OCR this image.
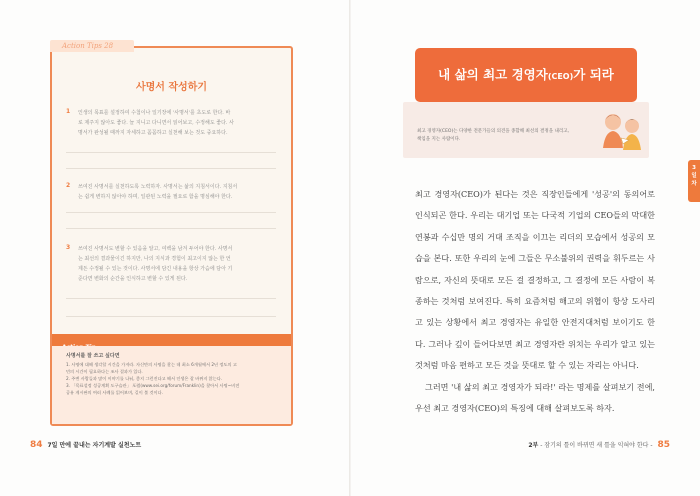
Action Tips 28
사명서 작성하기
1 인생의 목표를 설정하여 수첩이나 일기장에 '사명서'를 초도로 한다. 바
로 제주지 않아도 좋다. 늘 지니고 다니면서 읽어보고, 수정해도 좋다. 사
명서가 완성될 때까지 자세하고 꼼꼼하고 실천해 보는 것도 중요하다.
2 쓰여진 사명서를 실천하도록 노력하자. 사명서는 삶의 지침서이다. 지침서
는 쉽게 변하지 않아야 하며, 일관된 노력을 필요로 함을 명심해야 한다.
3 쓰여진 사명서도 변할 수 있음을 알고, 여백을 남겨 두어야 한다. 사명서
는 최선의 결과물이긴 하지만, 나의 지식과 경험이 최고이지 않는 한 언
제든 수정될 수 있는 것이다. 사명서에 담긴 내용을 항상 가슴에 담아 기
준다면 변화의 순간을 인식하고 변할 수 있게 된다.
사명서를 잘 쓰고 싶다면
1. 사명에 대해 생각할 시간을 가져라. 자신만의 사명을 찾는 데 최소 6개월에서 2년 정도의 고
민의 시간이 필요하다는 조사 결과가 있다.
2. 주변 사람들과 많이 이야기를 나눠, 좋지 그런진다고 해서 인생은 잘 바뀌지 않는다.
3. 「목표설정 성공계획 도구습관」 포럼(www.sei.org/forum/Franklin)을 찾아서 사명~비전
공유 게시판의 여러 사례를 읽어보며, 길이 볼 것이다.
84 7일 만에 끝내는 자기계발 실천노트
내 삶의 최고 경영자(CEO)가 되라
최고 경영자(CEO)는 다양한 전문가들의 의견을 종합해 최선의 결정을 내리고,
책임을 지는 사람이다.
3
일
차

최고 경영자(CEO)가 된다는 것은 직장인들에게 '성공'의 동의어로 인식되곤 한다. 우리는 대기업 또는 다국적 기업의 CEO들의 막대한 연봉과 수십만 명의 거대 조직을 이끄는 리더의 모습에서 성공의 모습을 본다. 또한 우리의 눈에 그들은 무소불위의 권력을 휘두르는 사람으로, 자신의 뜻대로 모든 걸 결정하고, 그 결정에 모든 사람이 복종하는 것처럼 보여진다. 특히 요즘처럼 해고의 위협이 항상 도사리고 있는 상황에서 최고 경영자는 유일한 안전지대처럼 보이기도 한다. 그러나 깊이 들어다보면 최고 경영자란 위치는 우리가 알고 있는 것처럼 마음 편하고 모든 것을 뜻대로 할 수 있는 자리는 아니다.

그러면 '내 삶의 최고 경영자가 되라!' 라는 명제를 살펴보기 전에, 우선 최고 경영자(CEO)의 특징에 대해 살펴보도록 하자.

2부 - 잠기의 틀이 바뀌면 새 틀을 익혀야 한다 - 85
